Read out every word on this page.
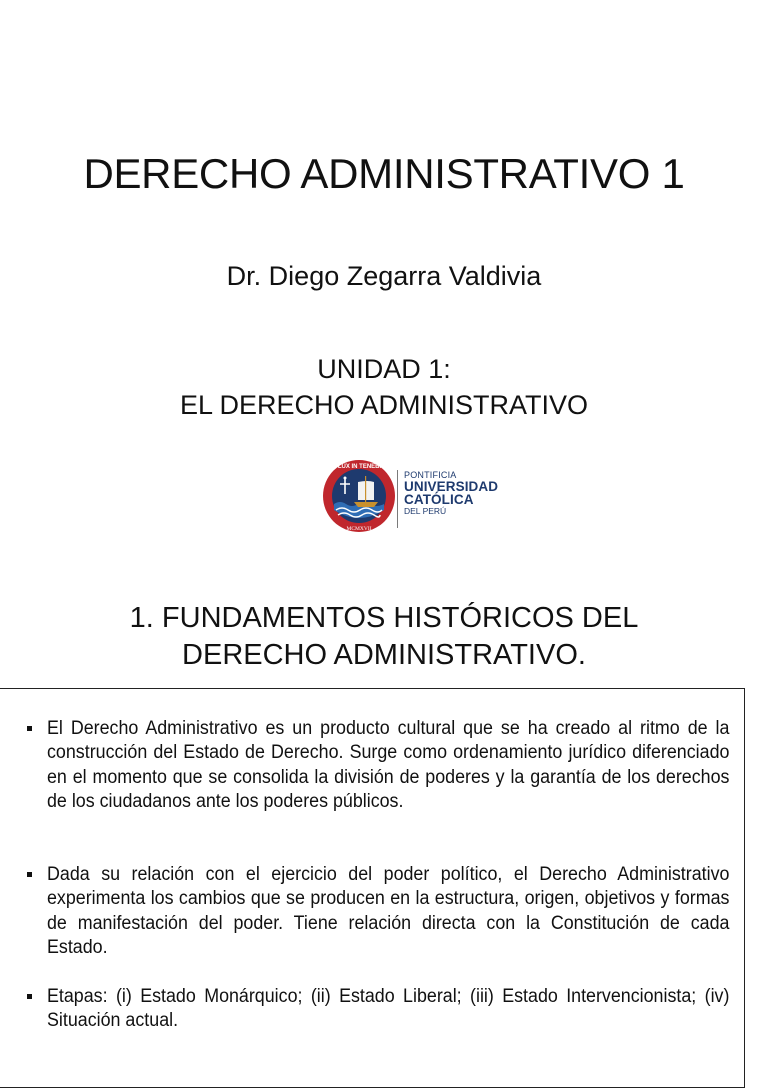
DERECHO ADMINISTRATIVO 1
Dr. Diego Zegarra Valdivia
UNIDAD 1:
EL DERECHO ADMINISTRATIVO
ET LUX IN TENEBRIS
MCMXVII
PONTIFICIA
UNIVERSIDAD
CATÓLICA
DEL PERÚ
1. FUNDAMENTOS HISTÓRICOS DEL
DERECHO ADMINISTRATIVO.
El Derecho Administrativo es un producto cultural que se ha creado al ritmo de la construcción del Estado de Derecho. Surge como ordenamiento jurídico diferenciado en el momento que se consolida la división de poderes y la garantía de los derechos de los ciudadanos ante los poderes públicos.
Dada su relación con el ejercicio del poder político, el Derecho Administrativo experimenta los cambios que se producen en la estructura, origen, objetivos y formas de manifestación del poder. Tiene relación directa con la Constitución de cada Estado.
Etapas: (i) Estado Monárquico; (ii) Estado Liberal; (iii) Estado Intervencionista; (iv) Situación actual.
